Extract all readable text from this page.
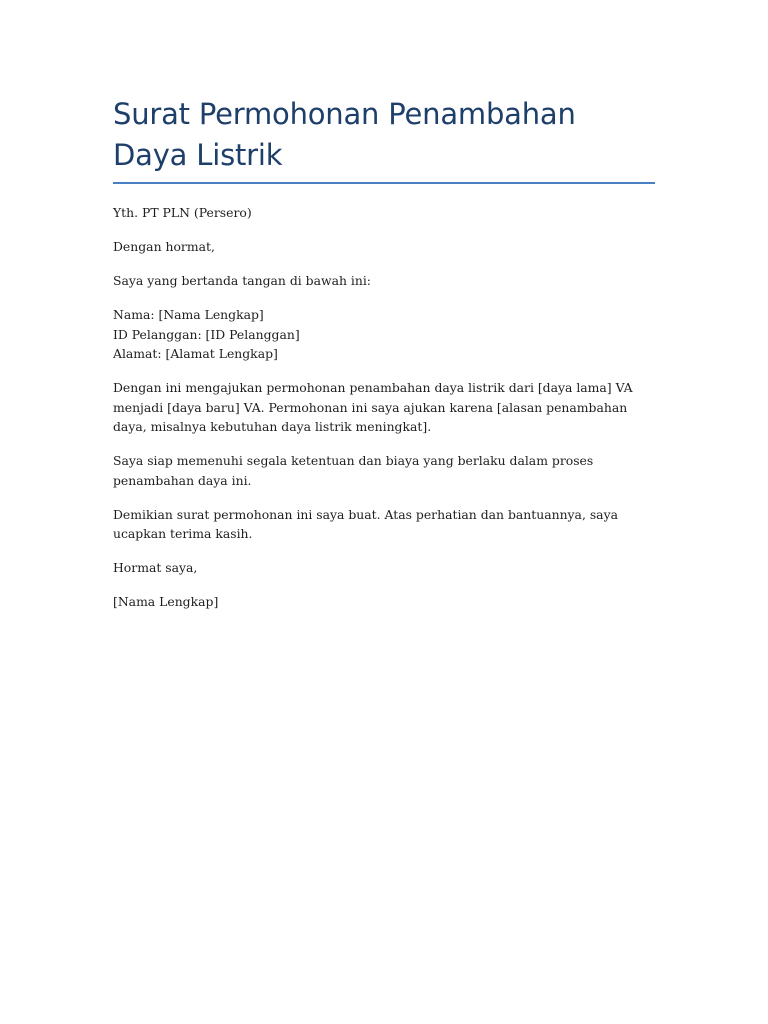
Surat Permohonan Penambahan Daya Listrik

Yth. PT PLN (Persero)

Dengan hormat,

Saya yang bertanda tangan di bawah ini:

Nama: [Nama Lengkap]
ID Pelanggan: [ID Pelanggan]
Alamat: [Alamat Lengkap]

Dengan ini mengajukan permohonan penambahan daya listrik dari [daya lama] VA menjadi [daya baru] VA. Permohonan ini saya ajukan karena [alasan penambahan daya, misalnya kebutuhan daya listrik meningkat].

Saya siap memenuhi segala ketentuan dan biaya yang berlaku dalam proses penambahan daya ini.

Demikian surat permohonan ini saya buat. Atas perhatian dan bantuannya, saya ucapkan terima kasih.

Hormat saya,

[Nama Lengkap]
